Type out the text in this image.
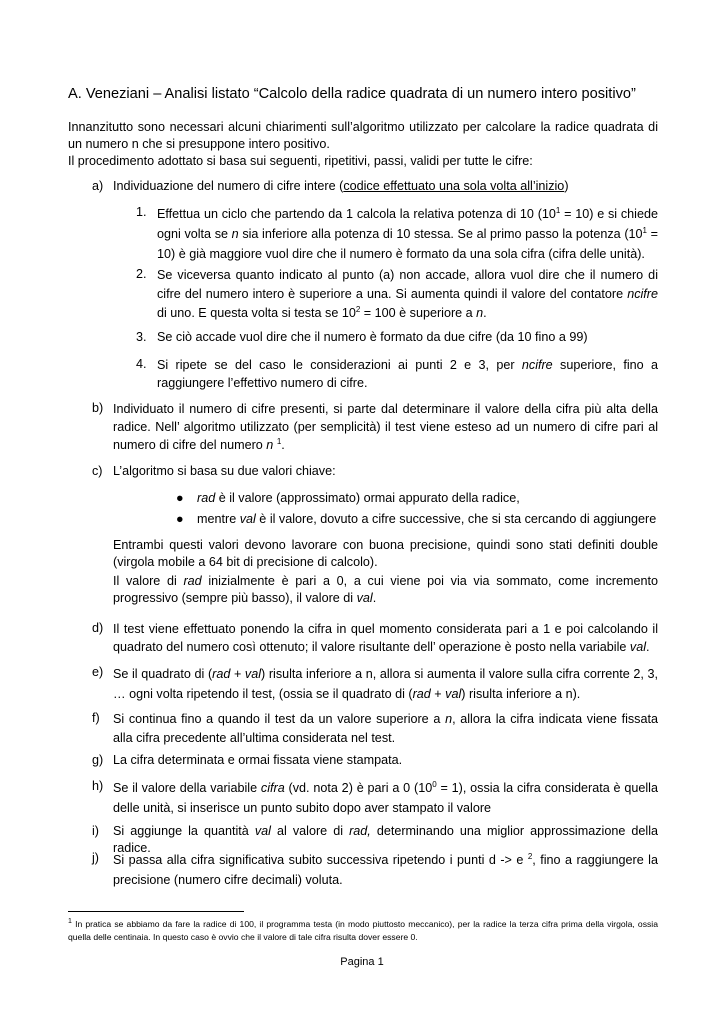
A. Veneziani – Analisi listato “Calcolo della radice quadrata di un numero intero positivo”
Innanzitutto sono necessari alcuni chiarimenti sull’algoritmo utilizzato per calcolare la radice quadrata di un numero n che si presuppone intero positivo.
Il procedimento adottato si basa sui seguenti, ripetitivi, passi, validi per tutte le cifre:
a) Individuazione del numero di cifre intere (codice effettuato una sola volta all’inizio)
1. Effettua un ciclo che partendo da 1 calcola la relativa potenza di 10 $(10^1 = 10)$ e si chiede ogni volta se n sia inferiore alla potenza di 10 stessa. Se al primo passo la potenza $(10^1 = 10)$ è già maggiore vuol dire che il numero è formato da una sola cifra (cifra delle unità).
2. Se viceversa quanto indicato al punto (a) non accade, allora vuol dire che il numero di cifre del numero intero è superiore a una. Si aumenta quindi il valore del contatore ncifre di uno. E questa volta si testa se $10^2 = 100$ è superiore a n.
3. Se ciò accade vuol dire che il numero è formato da due cifre (da 10 fino a 99)
4. Si ripete se del caso le considerazioni ai punti 2 e 3, per ncifre superiore, fino a raggiungere l’effettivo numero di cifre.
b) Individuato il numero di cifre presenti, si parte dal determinare il valore della cifra più alta della radice. Nell’ algoritmo utilizzato (per semplicità) il test viene esteso ad un numero di cifre pari al numero di cifre del numero n $^1$.
c) L’algoritmo si basa su due valori chiave:
● rad è il valore (approssimato) ormai appurato della radice,
● mentre val è il valore, dovuto a cifre successive, che si sta cercando di aggiungere
Entrambi questi valori devono lavorare con buona precisione, quindi sono stati definiti double (virgola mobile a 64 bit di precisione di calcolo).
Il valore di rad inizialmente è pari a 0, a cui viene poi via via sommato, come incremento progressivo (sempre più basso), il valore di val.
d) Il test viene effettuato ponendo la cifra in quel momento considerata pari a 1 e poi calcolando il quadrato del numero così ottenuto; il valore risultante dell’ operazione è posto nella variabile val.
e) Se il quadrato di (rad + val) risulta inferiore a n, allora si aumenta il valore sulla cifra corrente 2, 3, … ogni volta ripetendo il test, (ossia se il quadrato di (rad + val) risulta inferiore a n).
f)	Si continua fino a quando il test da un valore superiore a n, allora la cifra indicata viene fissata alla cifra precedente all’ultima considerata nel test.
g) La cifra determinata e ormai fissata viene stampata.
h) Se il valore della variabile cifra (vd. nota 2) è pari a 0 $(10^0 = 1)$, ossia la cifra considerata è quella delle unità, si inserisce un punto subito dopo aver stampato il valore
i)	Si aggiunge la quantità val al valore di rad, determinando una miglior approssimazione della radice.
j)	Si passa alla cifra significativa subito successiva ripetendo i punti d -> e $^2$, fino a raggiungere la precisione (numero cifre decimali) voluta.
$^1$ In pratica se abbiamo da fare la radice di 100, il programma testa (in modo piuttosto meccanico), per la radice la terza cifra prima della virgola, ossia quella delle centinaia. In questo caso è ovvio che il valore di tale cifra risulta dover essere 0.
Pagina 1
